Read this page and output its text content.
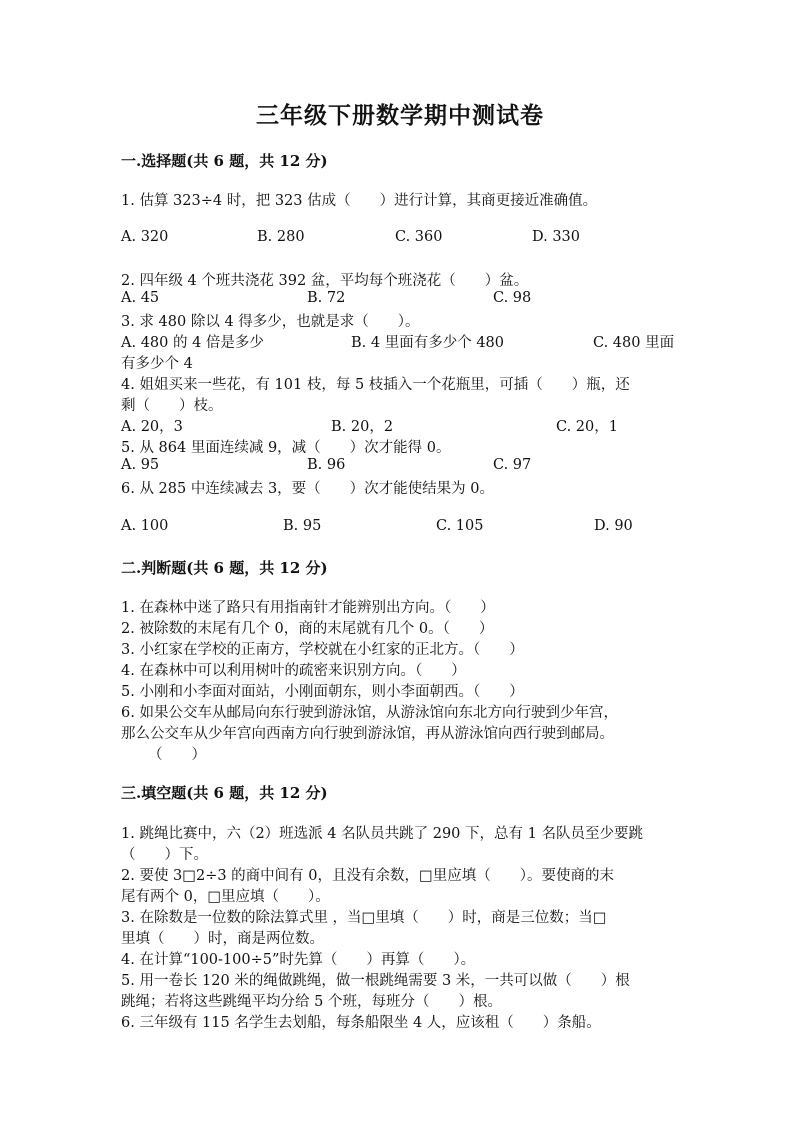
三年级下册数学期中测试卷
一.选择题(共 6 题，共 12 分)
1. 估算 323÷4 时，把 323 估成（　　）进行计算，其商更接近准确值。
A. 320	B. 280	C. 360	D. 330
2. 四年级 4 个班共浇花 392 盆，平均每个班浇花（　　）盆。
A. 45	B. 72	C. 98
3. 求 480 除以 4 得多少，也就是求（　　）。
A. 480 的 4 倍是多少	B. 4 里面有多少个 480	C. 480 里面
有多少个 4
4. 姐姐买来一些花，有 101 枝，每 5 枝插入一个花瓶里，可插（　　）瓶，还
剩（　　）枝。
A. 20，3	B. 20，2	C. 20，1
5. 从 864 里面连续减 9，减（　　）次才能得 0。
A. 95	B. 96	C. 97
6. 从 285 中连续减去 3，要（　　）次才能使结果为 0。
A. 100	B. 95	C. 105	D. 90
二.判断题(共 6 题，共 12 分)
1. 在森林中迷了路只有用指南针才能辨别出方向。（　　）
2. 被除数的末尾有几个 0，商的末尾就有几个 0。（　　）
3. 小红家在学校的正南方，学校就在小红家的正北方。（　　）
4. 在森林中可以利用树叶的疏密来识别方向。（　　）
5. 小刚和小李面对面站，小刚面朝东，则小李面朝西。（　　）
6. 如果公交车从邮局向东行驶到游泳馆，从游泳馆向东北方向行驶到少年宫，
那么公交车从少年宫向西南方向行驶到游泳馆，再从游泳馆向西行驶到邮局。
（　　）
三.填空题(共 6 题，共 12 分)
1. 跳绳比赛中，六（2）班选派 4 名队员共跳了 290 下，总有 1 名队员至少要跳
（　　）下。
2. 要使 3□2÷3 的商中间有 0，且没有余数，□里应填（　　）。要使商的末
尾有两个 0，□里应填（　　）。
3. 在除数是一位数的除法算式里 ，当□里填（　　）时，商是三位数；当□
里填（　　）时，商是两位数。
4. 在计算“100-100÷5”时先算（　　）再算（　　）。
5. 用一卷长 120 米的绳做跳绳，做一根跳绳需要 3 米，一共可以做（　　）根
跳绳；若将这些跳绳平均分给 5 个班，每班分（　　）根。
6. 三年级有 115 名学生去划船，每条船限坐 4 人，应该租（　　）条船。
